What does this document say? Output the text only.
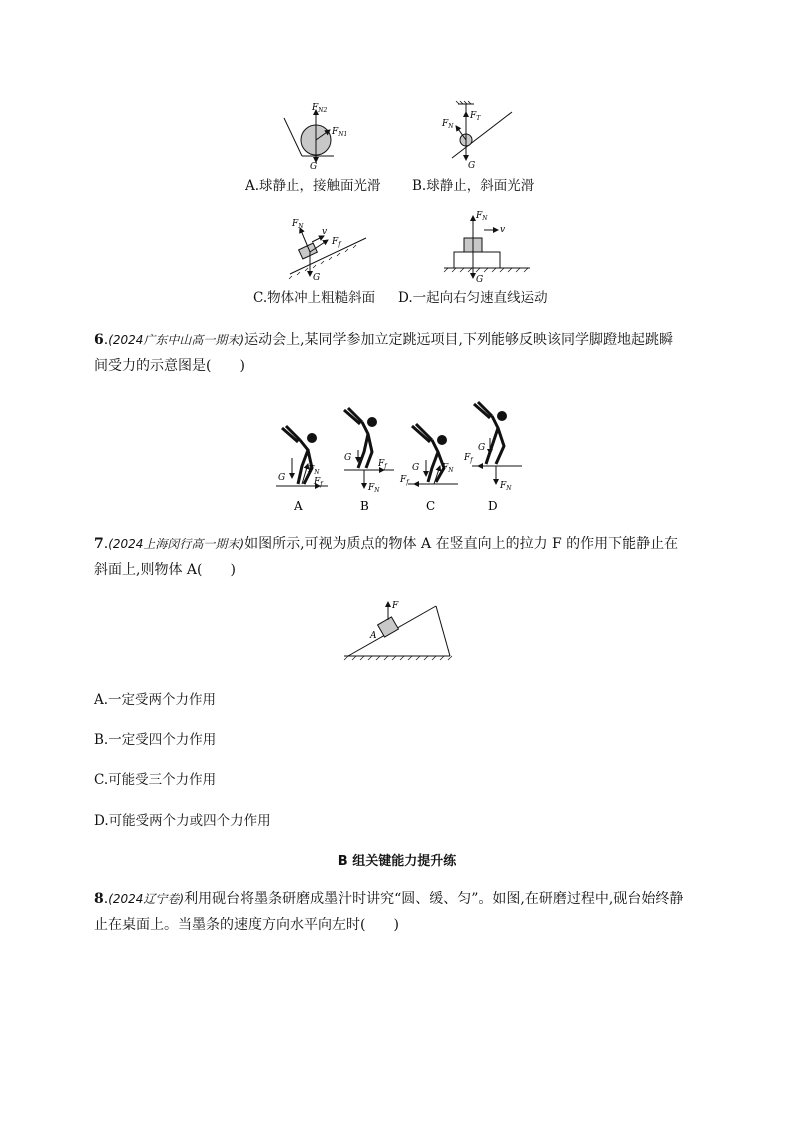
$F_{N2}$
$F_{N1}$
G
A.球静止，接触面光滑
$F_N$
$F_T$
G
B.球静止，斜面光滑
$F_N$
v
$F_f$
G
C.物体冲上粗糙斜面
$F_N$
v
G
D.一起向右匀速直线运动
6.(2024广东中山高一期末)运动会上,某同学参加立定跳远项目,下列能够反映该同学脚蹬地起跳瞬
间受力的示意图是(　　)
G
$F_N$
$F_f$
A
G
$F_N$
$F_f$
B
G	$F_N$
$F_f$
C
G
$F_N$
$F_f$
D
7.(2024上海闵行高一期末)如图所示,可视为质点的物体 A 在竖直向上的拉力 F 的作用下能静止在
斜面上,则物体 A(　　)
F
A
A.一定受两个力作用
B.一定受四个力作用
C.可能受三个力作用
D.可能受两个力或四个力作用
B 组关键能力提升练
8.(2024辽宁卷)利用砚台将墨条研磨成墨汁时讲究“圆、缓、匀”。如图,在研磨过程中,砚台始终静
止在桌面上。当墨条的速度方向水平向左时(　　)
